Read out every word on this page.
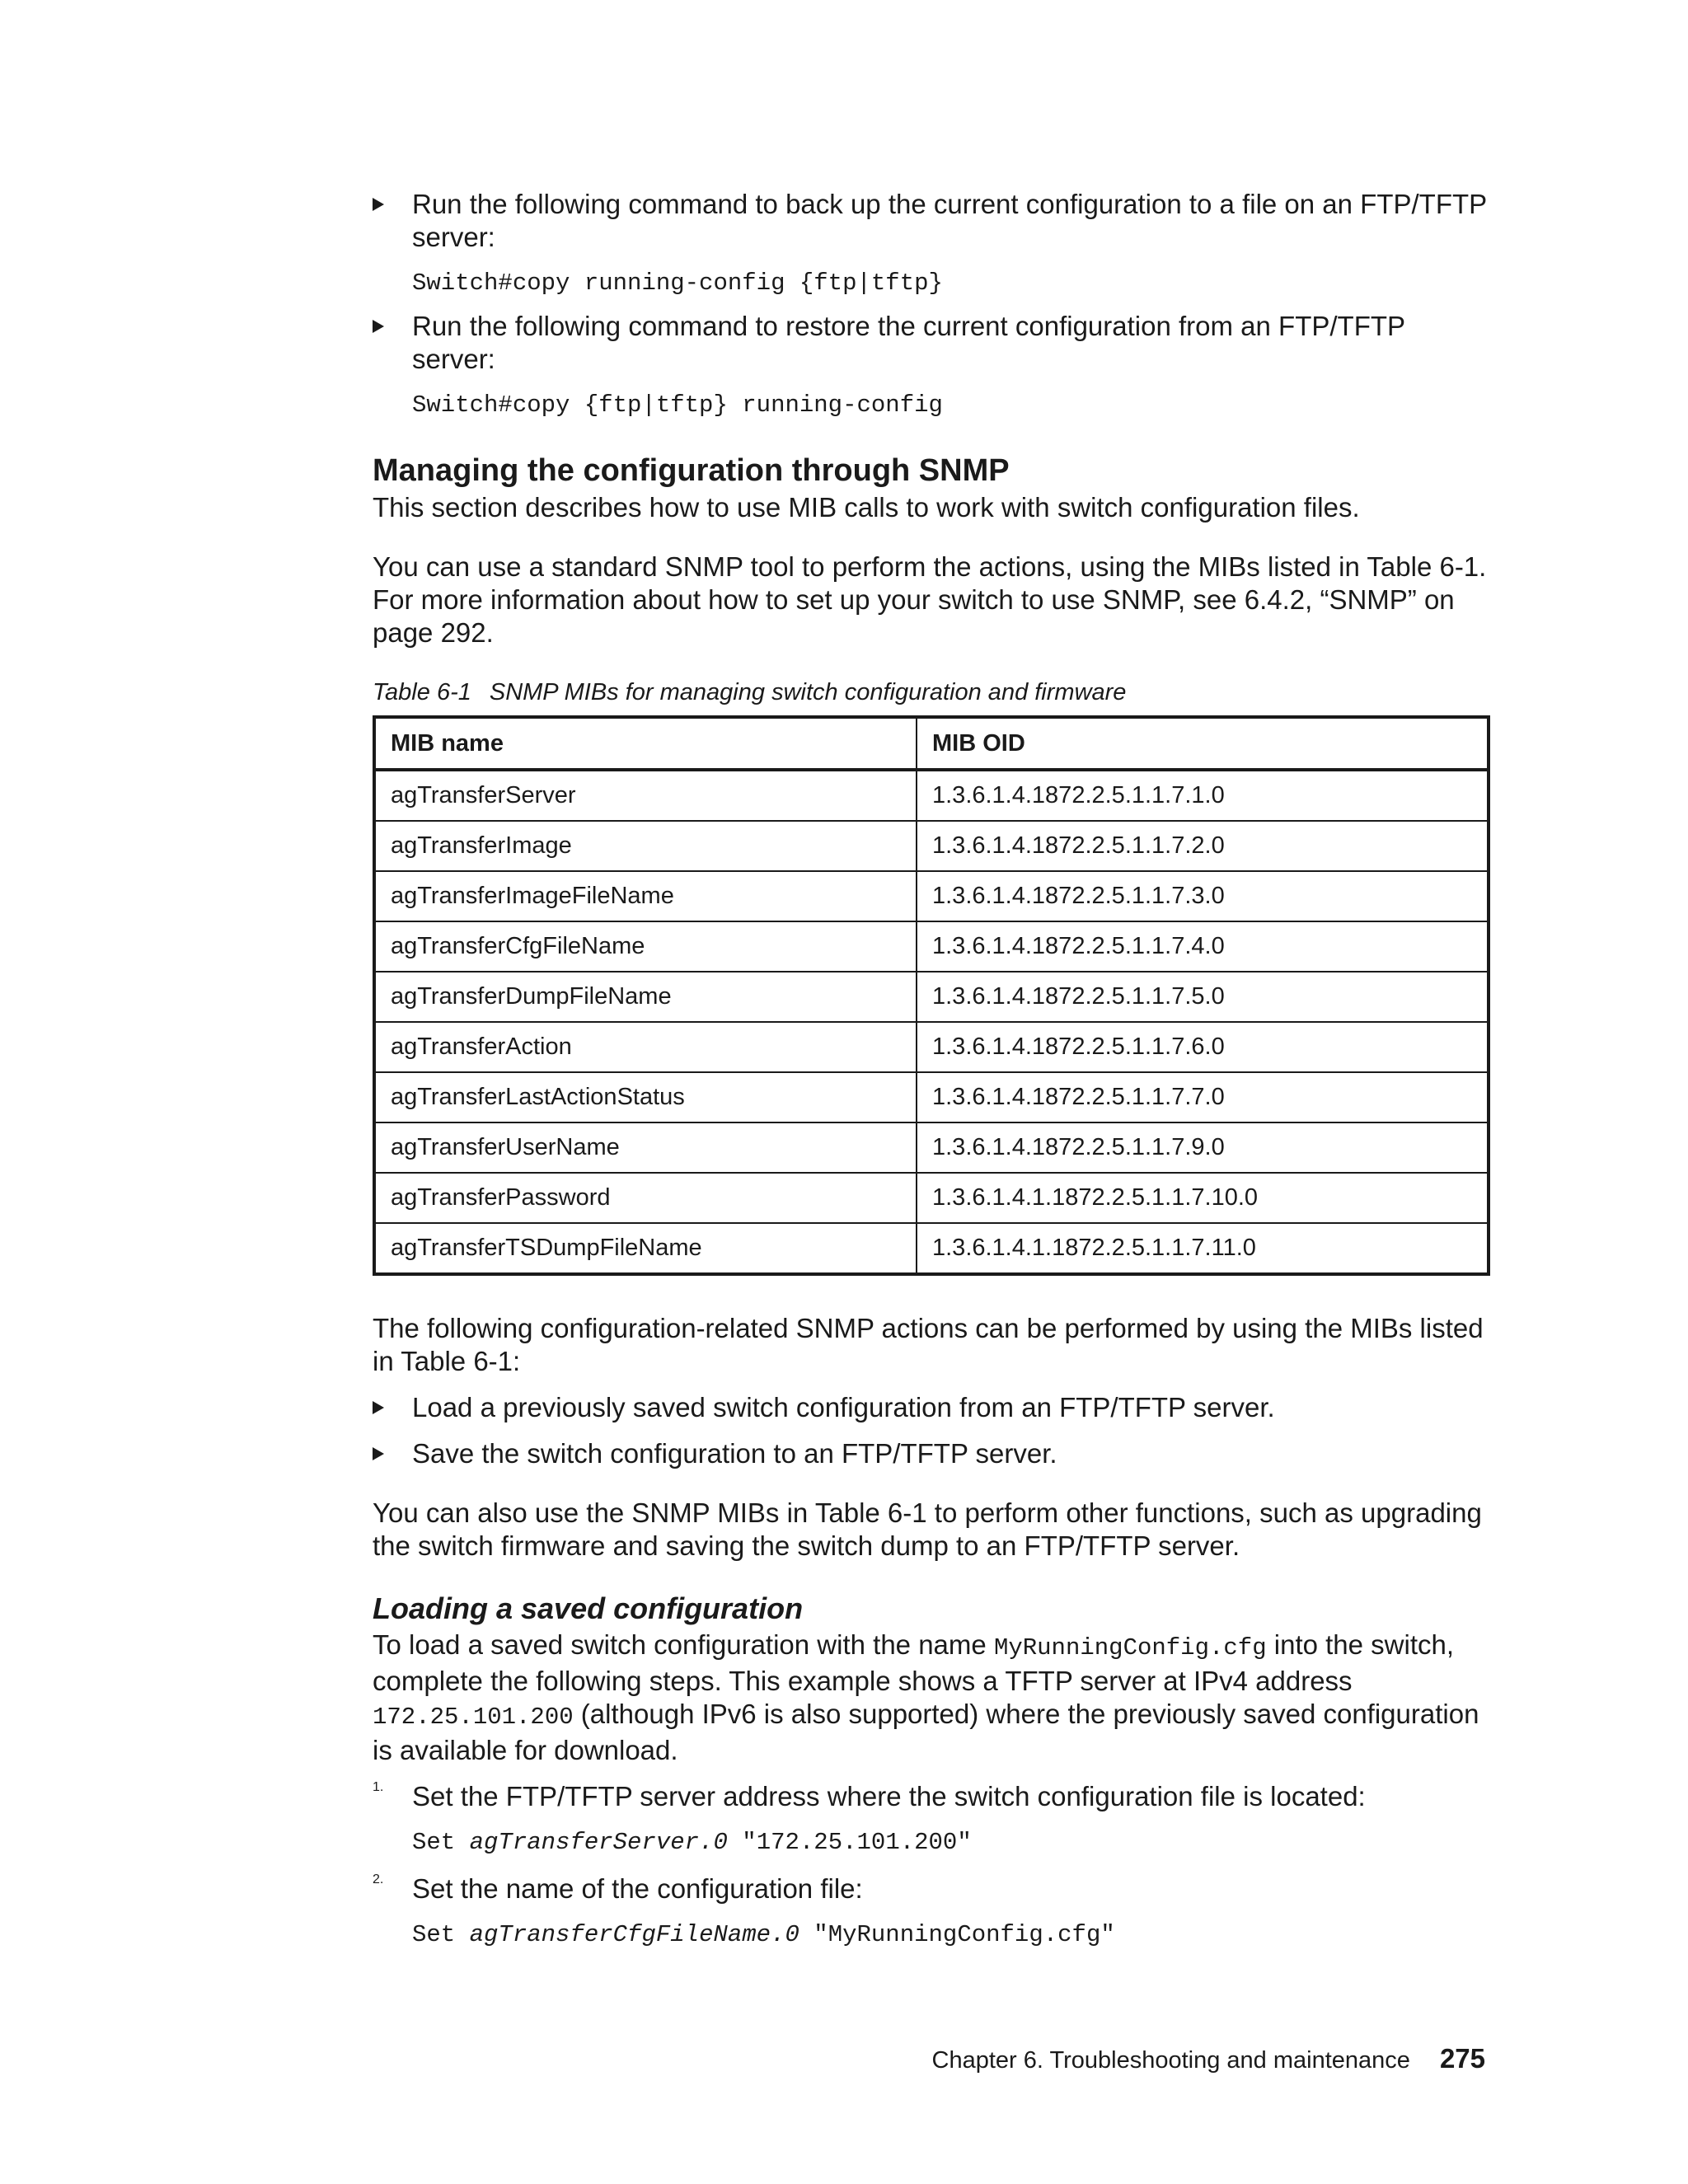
Run the following command to back up the current configuration to a file on an FTP/TFTP server:

Switch#copy running-config {ftp|tftp}

Run the following command to restore the current configuration from an FTP/TFTP server:

Switch#copy {ftp|tftp} running-config

Managing the configuration through SNMP

This section describes how to use MIB calls to work with switch configuration files.

You can use a standard SNMP tool to perform the actions, using the MIBs listed in Table 6-1. For more information about how to set up your switch to use SNMP, see 6.4.2, “SNMP” on page 292.

Table 6-1 SNMP MIBs for managing switch configuration and firmware

MIB name	MIB OID
agTransferServer	1.3.6.1.4.1872.2.5.1.1.7.1.0
agTransferImage	1.3.6.1.4.1872.2.5.1.1.7.2.0
agTransferImageFileName	1.3.6.1.4.1872.2.5.1.1.7.3.0
agTransferCfgFileName	1.3.6.1.4.1872.2.5.1.1.7.4.0
agTransferDumpFileName	1.3.6.1.4.1872.2.5.1.1.7.5.0
agTransferAction	1.3.6.1.4.1872.2.5.1.1.7.6.0
agTransferLastActionStatus	1.3.6.1.4.1872.2.5.1.1.7.7.0
agTransferUserName	1.3.6.1.4.1872.2.5.1.1.7.9.0
agTransferPassword	1.3.6.1.4.1.1872.2.5.1.1.7.10.0
agTransferTSDumpFileName	1.3.6.1.4.1.1872.2.5.1.1.7.11.0

The following configuration-related SNMP actions can be performed by using the MIBs listed in Table 6-1:

Load a previously saved switch configuration from an FTP/TFTP server.

Save the switch configuration to an FTP/TFTP server.

You can also use the SNMP MIBs in Table 6-1 to perform other functions, such as upgrading the switch firmware and saving the switch dump to an FTP/TFTP server.

Loading a saved configuration

To load a saved switch configuration with the name MyRunningConfig.cfg into the switch, complete the following steps. This example shows a TFTP server at IPv4 address 172.25.101.200 (although IPv6 is also supported) where the previously saved configuration is available for download.

1. Set the FTP/TFTP server address where the switch configuration file is located:

Set agTransferServer.0 "172.25.101.200"

2. Set the name of the configuration file:

Set agTransferCfgFileName.0 "MyRunningConfig.cfg"

Chapter 6. Troubleshooting and maintenance 275
